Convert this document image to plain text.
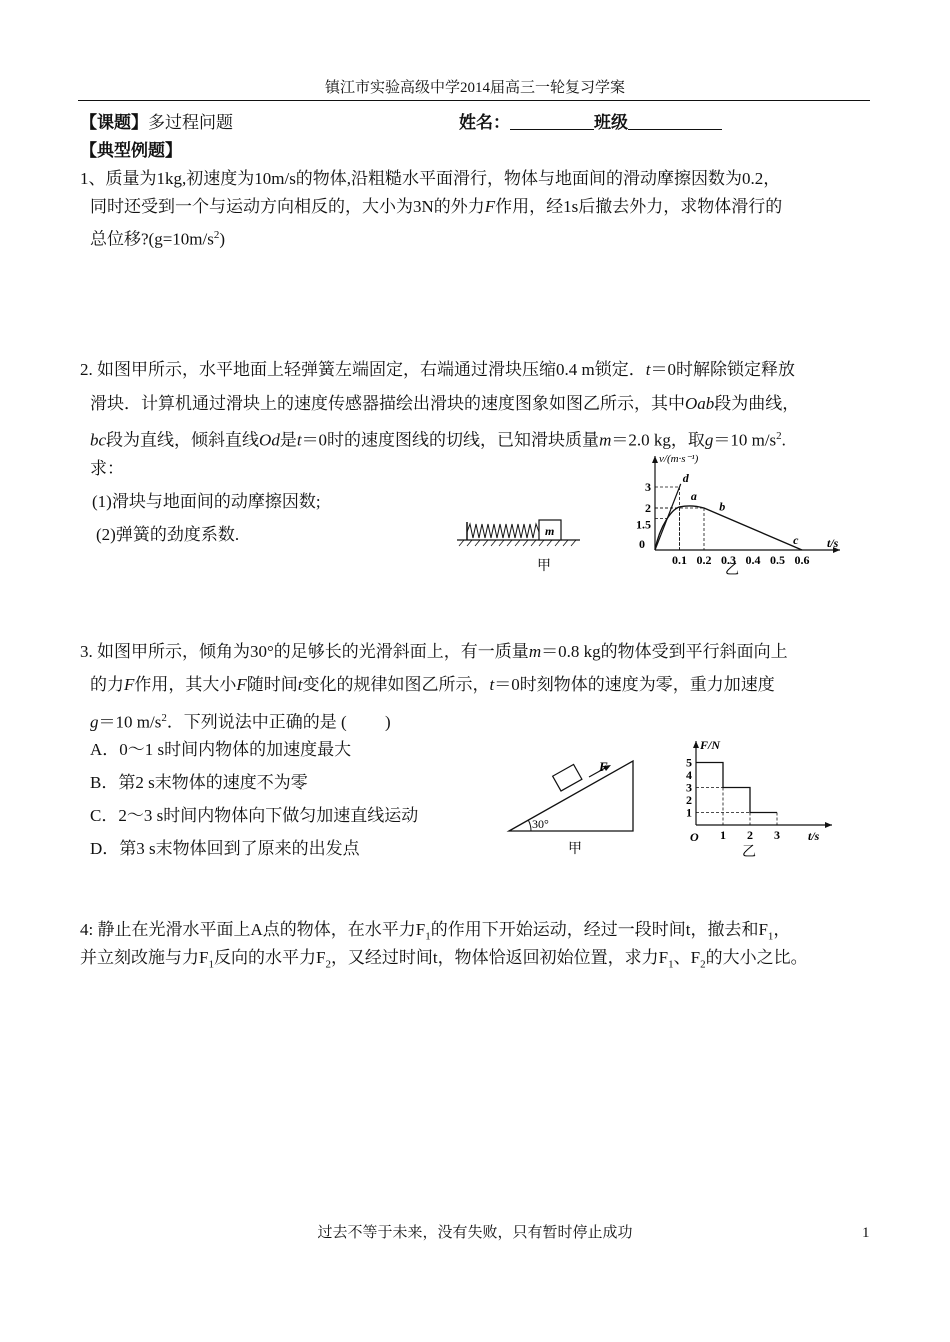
镇江市实验高级中学2014届高三一轮复习学案
【课题】多过程问题	姓名：	班级
【典型例题】
1、质量为1kg,初速度为10m/s的物体,沿粗糙水平面滑行，物体与地面间的滑动摩擦因数为0.2，
同时还受到一个与运动方向相反的，大小为3N的外力F作用，经1s后撤去外力，求物体滑行的
总位移$?(g=10m/s^2)$
2. 如图甲所示，水平地面上轻弹簧左端固定，右端通过滑块压缩0.4 m锁定．t＝0时解除锁定释放
滑块．计算机通过滑块上的速度传感器描绘出滑块的速度图象如图乙所示，其中Oab段为曲线，
bc段为直线，倾斜直线Od是t＝0时的速度图线的切线，已知滑块质量m＝2.0 kg，取g＝10 $m/s^2$.
求：
(1)滑块与地面间的动摩擦因数;
(2)弹簧的劲度系数.	m
甲
v/(m·s⁻¹)
t/s
0
3
2
1.5
0.1 0.2 0.3 0.4 0.5 0.6
d
a
b
c
乙
3. 如图甲所示，倾角为30°的足够长的光滑斜面上，有一质量m＝0.8 kg的物体受到平行斜面向上
的力F作用，其大小F随时间t变化的规律如图乙所示，t＝0时刻物体的速度为零，重力加速度
g＝10 $m/s^2$．下列说法中正确的是 (　　 )
A．0～1 s时间内物体的加速度最大
B．第2 s末物体的速度不为零
C．2～3 s时间内物体向下做匀加速直线运动
D．第3 s末物体回到了原来的出发点
30°
F
甲
F/N
t/s
O
5
4
3
2
1
1 2 3
乙
4: 静止在光滑水平面上A点的物体，在水平力$F_1$的作用下开始运动，经过一段时间t，撤去和$F_1$，
并立刻改施与力$F_1$反向的水平力$F_2$，又经过时间t，物体恰返回初始位置，求力$F_1$、$F_2$的大小之比。
过去不等于未来，没有失败，只有暂时停止成功	1
